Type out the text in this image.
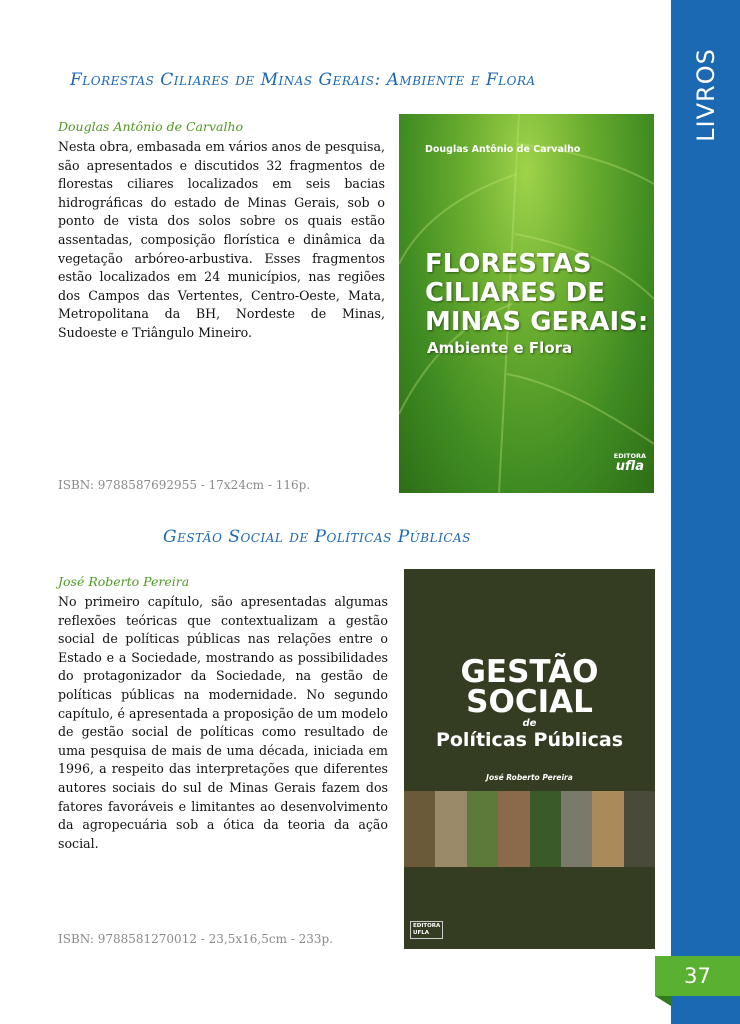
LIVROS
Florestas Ciliares de Minas Gerais: Ambiente e Flora
Douglas Antônio de Carvalho

Nesta obra, embasada em vários anos de pesquisa, são apresentados e discutidos 32 fragmentos de florestas ciliares localizados em seis bacias hidrográficas do estado de Minas Gerais, sob o ponto de vista dos solos sobre os quais estão assentadas, composição florística e dinâmica da vegetação arbóreo-arbustiva. Esses fragmentos estão localizados em 24 municípios, nas regiões dos Campos das Vertentes, Centro-Oeste, Mata, Metropolitana da BH, Nordeste de Minas, Sudoeste e Triângulo Mineiro.

ISBN: 9788587692955 - 17x24cm - 116p.
Douglas Antônio de Carvalho

FLORESTAS
CILIARES DE
MINAS GERAIS:

Ambiente e Flora
EDITORA
ufla
Gestão Social de Políticas Públicas
José Roberto Pereira

No primeiro capítulo, são apresentadas algumas reflexões teóricas que contextualizam a gestão social de políticas públicas nas relações entre o Estado e a Sociedade, mostrando as possibilidades do protagonizador da Sociedade, na gestão de políticas públicas na modernidade. No segundo capítulo, é apresentada a proposição de um modelo de gestão social de políticas como resultado de uma pesquisa de mais de uma década, iniciada em 1996, a respeito das interpretações que diferentes autores sociais do sul de Minas Gerais fazem dos fatores favoráveis e limitantes ao desenvolvimento da agropecuária sob a ótica da teoria da ação social.

ISBN: 9788581270012 - 23,5x16,5cm - 233p.
GESTÃO
SOCIAL
de
Políticas Públicas
José Roberto Pereira
EDITORA
UFLA
37
